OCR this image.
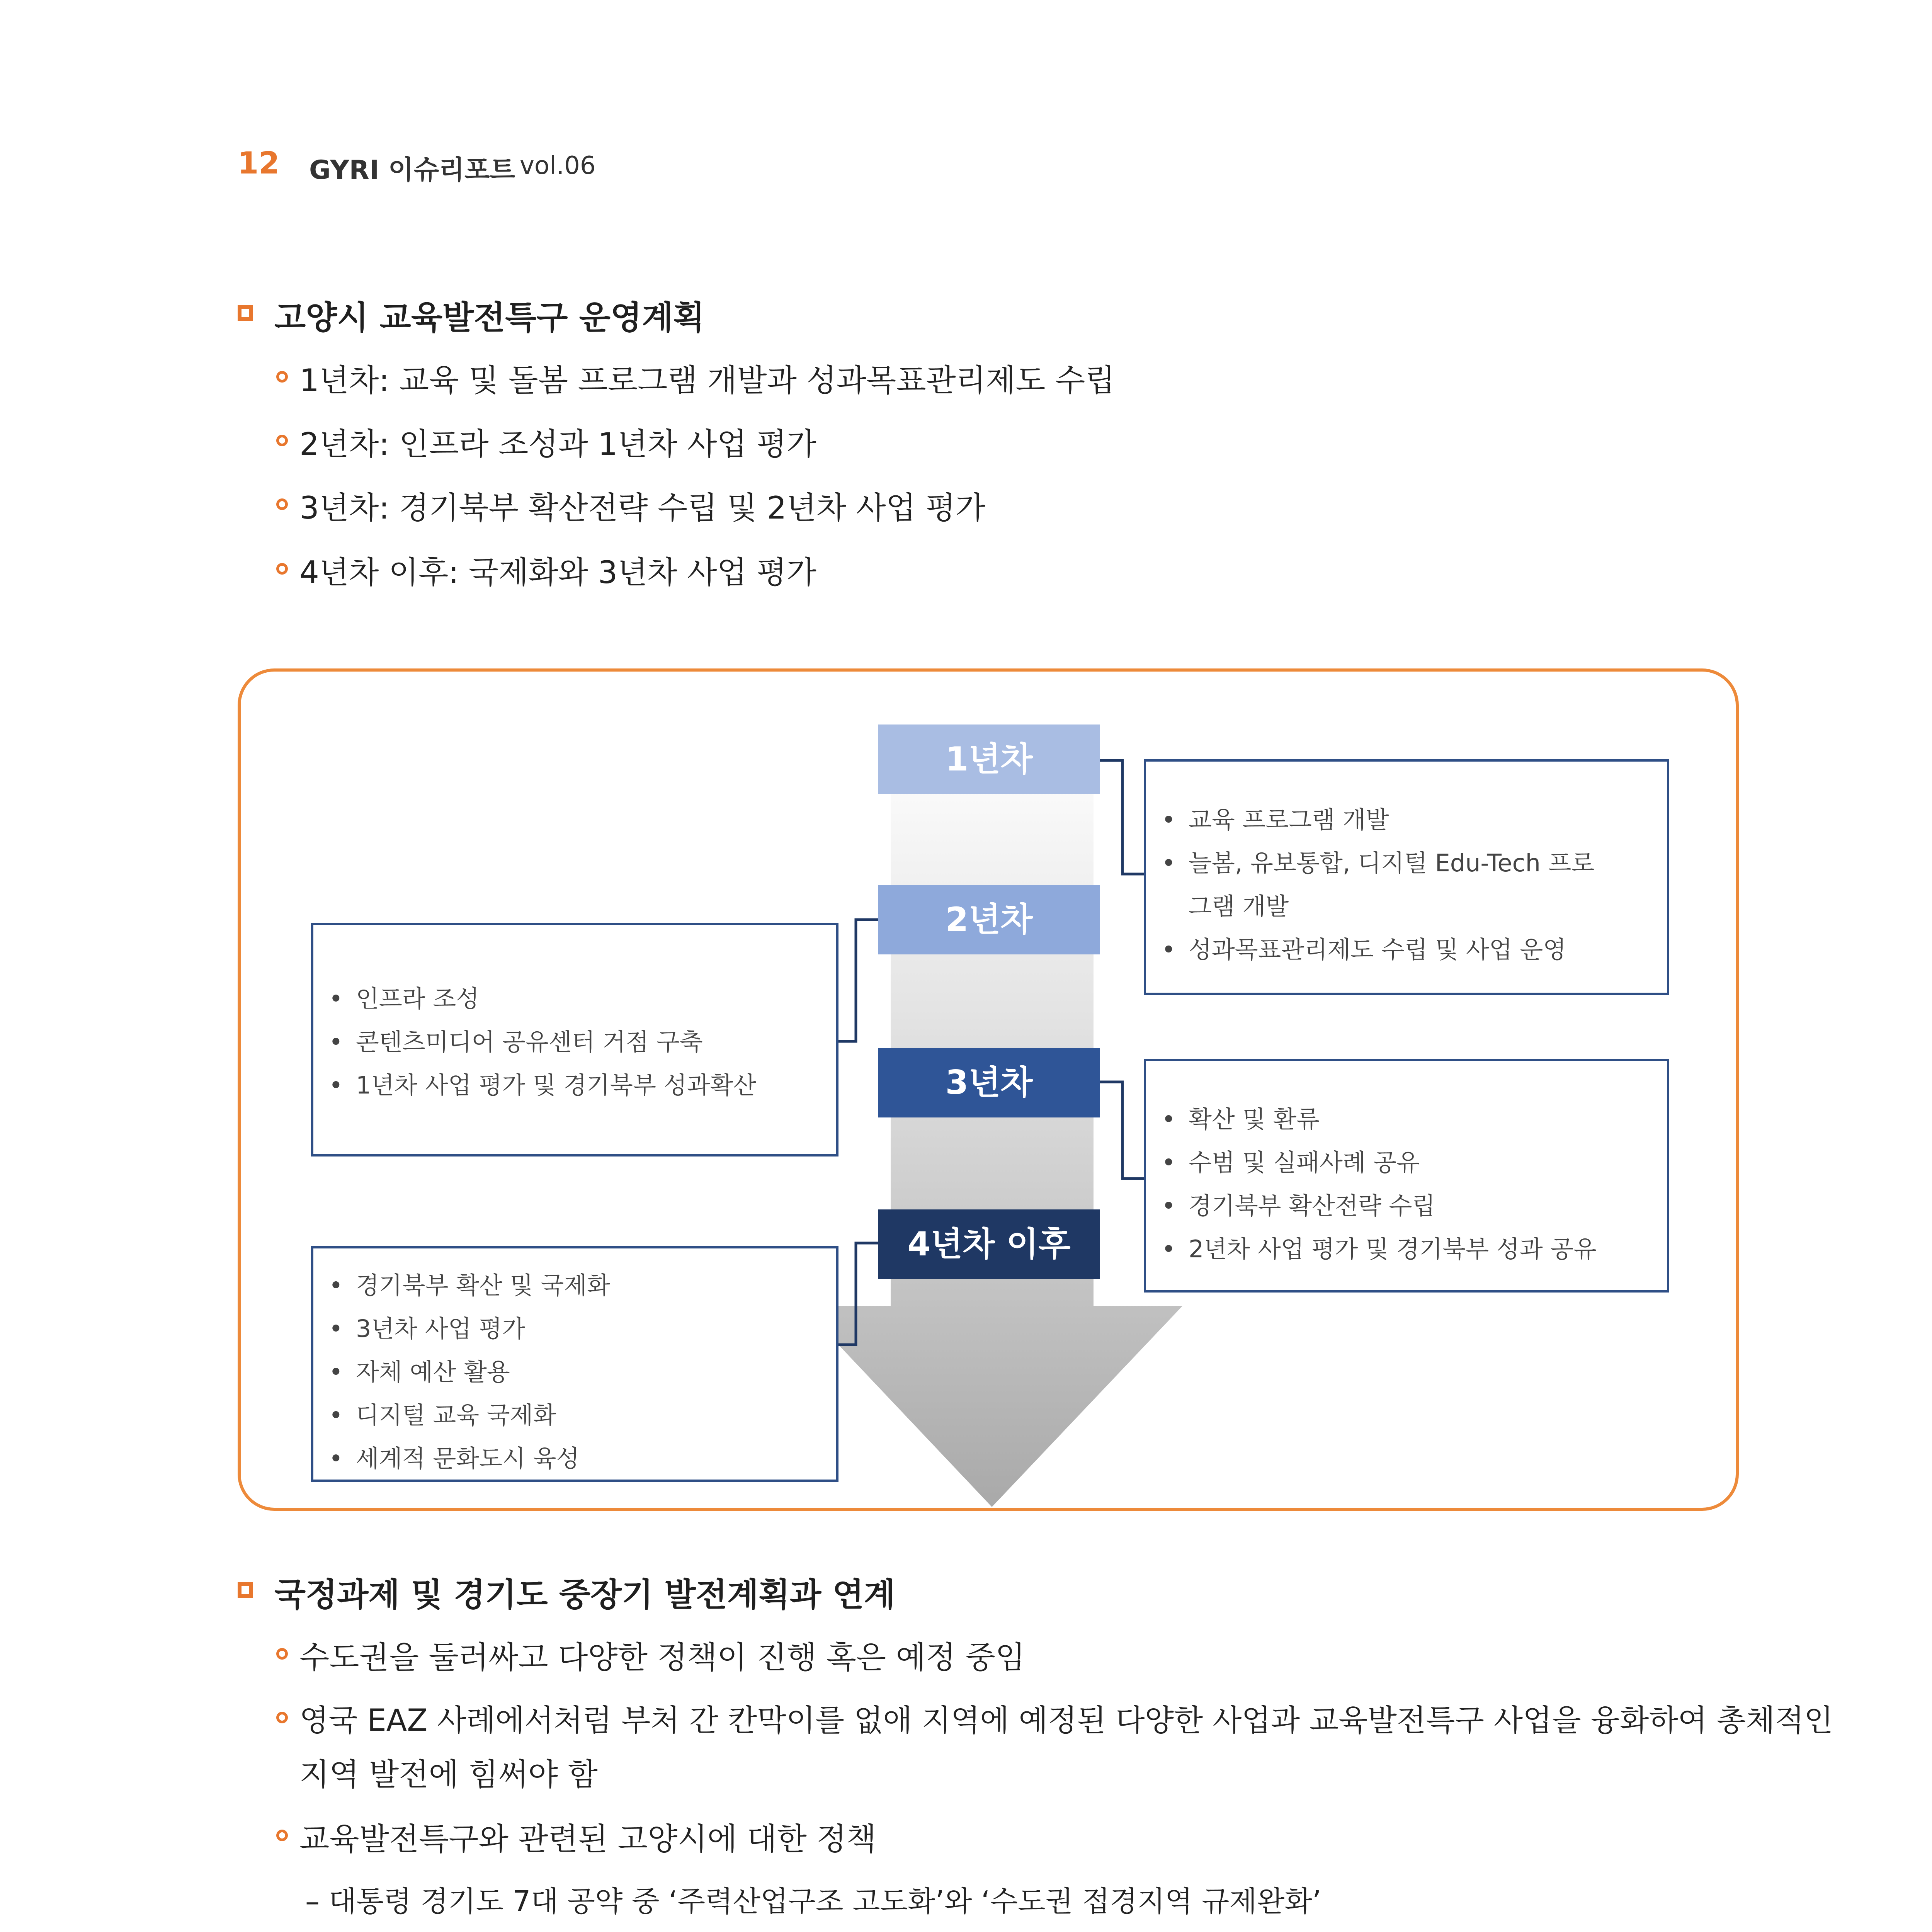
12 GYRI 이슈리포트 vol.06
고양시 교육발전특구 운영계획
1년차: 교육 및 돌봄 프로그램 개발과 성과목표관리제도 수립
2년차: 인프라 조성과 1년차 사업 평가
3년차: 경기북부 확산전략 수립 및 2년차 사업 평가
4년차 이후: 국제화와 3년차 사업 평가
1년차
2년차
3년차
4년차 이후
• 교육 프로그램 개발
• 늘봄, 유보통합, 디지털 Edu-Tech 프로
그램 개발
• 성과목표관리제도 수립 및 사업 운영
• 인프라 조성
• 콘텐츠미디어 공유센터 거점 구축
• 1년차 사업 평가 및 경기북부 성과확산
• 확산 및 환류
• 수범 및 실패사례 공유
• 경기북부 확산전략 수립
• 2년차 사업 평가 및 경기북부 성과 공유
• 경기북부 확산 및 국제화
• 3년차 사업 평가
• 자체 예산 활용
• 디지털 교육 국제화
• 세계적 문화도시 육성
국정과제 및 경기도 중장기 발전계획과 연계
수도권을 둘러싸고 다양한 정책이 진행 혹은 예정 중임
영국 EAZ 사례에서처럼 부처 간 칸막이를 없애 지역에 예정된 다양한 사업과 교육발전특구 사업을 융화하여 총체적인
지역 발전에 힘써야 함
교육발전특구와 관련된 고양시에 대한 정책
– 대통령 경기도 7대 공약 중 ‘주력산업구조 고도화’와 ‘수도권 접경지역 규제완화’
